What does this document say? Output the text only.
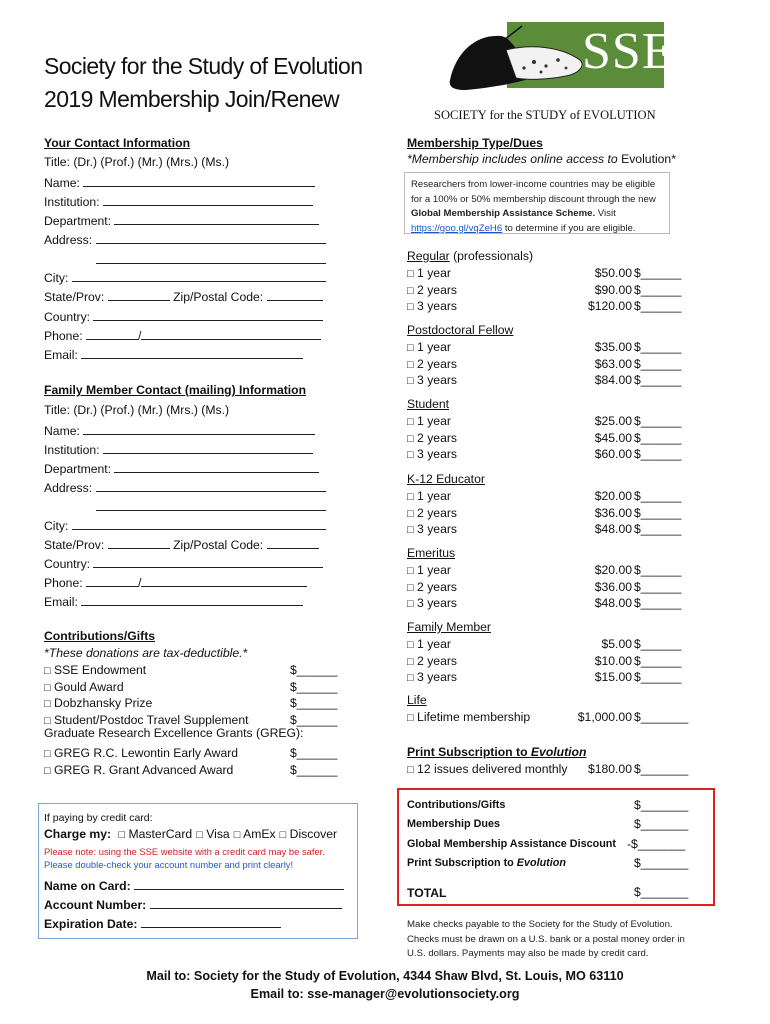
Society for the Study of Evolution
2019 Membership Join/Renew
SSE
SOCIETY for the STUDY of EVOLUTION
Your Contact Information
Title: (Dr.) (Prof.) (Mr.) (Mrs.) (Ms.)
Name:
Institution:
Department:
Address:
City:
State/Prov:	Zip/Postal Code:
Country:
Phone:	/
Email:
Family Member Contact (mailing) Information
Title: (Dr.) (Prof.) (Mr.) (Mrs.) (Ms.)
Name:
Institution:
Department:
Address:
City:
State/Prov:	Zip/Postal Code:
Country:
Phone:	/
Email:
Contributions/Gifts
*These donations are tax-deductible.*
□ SSE Endowment	$______
□ Gould Award	$______
□ Dobzhansky Prize	$______
□ Student/Postdoc Travel Supplement	$______
Graduate Research Excellence Grants (GREG):
□ GREG R.C. Lewontin Early Award	$______
□ GREG R. Grant Advanced Award	$______
If paying by credit card:
Charge my: □ MasterCard □ Visa □ AmEx □ Discover
Please note: using the SSE website with a credit card may be safer.
Please double-check your account number and print clearly!
Name on Card:
Account Number:
Expiration Date:
Membership Type/Dues
*Membership includes online access to Evolution*
Researchers from lower-income countries may be eligible
for a 100% or 50% membership discount through the new
Global Membership Assistance Scheme. Visit
https://goo.gl/vqZeH6 to determine if you are eligible.
Regular (professionals)
□ 1 year	$50.00 $______
□ 2 years	$90.00 $______
□ 3 years	$120.00 $______
Postdoctoral Fellow
□ 1 year	$35.00 $______
□ 2 years	$63.00 $______
□ 3 years	$84.00 $______
Student
□ 1 year	$25.00 $______
□ 2 years	$45.00 $______
□ 3 years	$60.00 $______
K-12 Educator
□ 1 year	$20.00 $______
□ 2 years	$36.00 $______
□ 3 years	$48.00 $______
Emeritus
□ 1 year	$20.00 $______
□ 2 years	$36.00 $______
□ 3 years	$48.00 $______
Family Member
□ 1 year	$5.00 $______
□ 2 years	$10.00 $______
□ 3 years	$15.00 $______
Life
□ Lifetime membership	$1,000.00 $_______
Print Subscription to Evolution
□ 12 issues delivered monthly	$180.00 $_______
Contributions/Gifts	$_______
Membership Dues	$_______
Global Membership Assistance Discount -$_______
Print Subscription to Evolution	$_______
TOTAL	$_______
Make checks payable to the Society for the Study of Evolution.
Checks must be drawn on a U.S. bank or a postal money order in
U.S. dollars. Payments may also be made by credit card.
Mail to: Society for the Study of Evolution, 4344 Shaw Blvd, St. Louis, MO 63110
Email to: sse-manager@evolutionsociety.org
